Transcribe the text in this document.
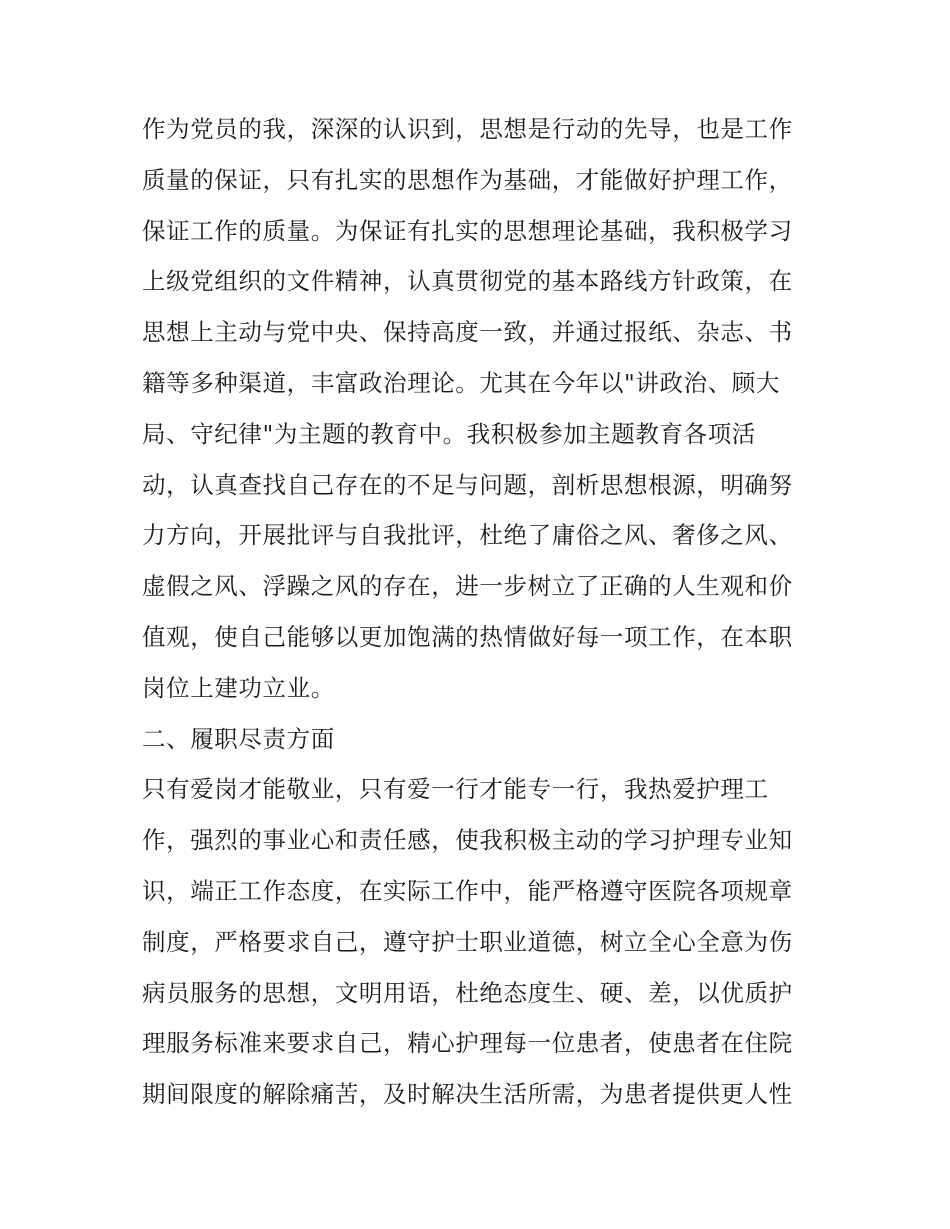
作为党员的我，深深的认识到，思想是行动的先导，也是工作
质量的保证，只有扎实的思想作为基础，才能做好护理工作，
保证工作的质量。为保证有扎实的思想理论基础，我积极学习
上级党组织的文件精神，认真贯彻党的基本路线方针政策，在
思想上主动与党中央、保持高度一致，并通过报纸、杂志、书
籍等多种渠道，丰富政治理论。尤其在今年以"讲政治、顾大
局、守纪律"为主题的教育中。我积极参加主题教育各项活
动，认真查找自己存在的不足与问题，剖析思想根源，明确努
力方向，开展批评与自我批评，杜绝了庸俗之风、奢侈之风、
虚假之风、浮躁之风的存在，进一步树立了正确的人生观和价
值观，使自己能够以更加饱满的热情做好每一项工作，在本职
岗位上建功立业。
二、履职尽责方面
只有爱岗才能敬业，只有爱一行才能专一行，我热爱护理工
作，强烈的事业心和责任感，使我积极主动的学习护理专业知
识，端正工作态度，在实际工作中，能严格遵守医院各项规章
制度，严格要求自己，遵守护士职业道德，树立全心全意为伤
病员服务的思想，文明用语，杜绝态度生、硬、差，以优质护
理服务标准来要求自己，精心护理每一位患者，使患者在住院
期间限度的解除痛苦，及时解决生活所需，为患者提供更人性
